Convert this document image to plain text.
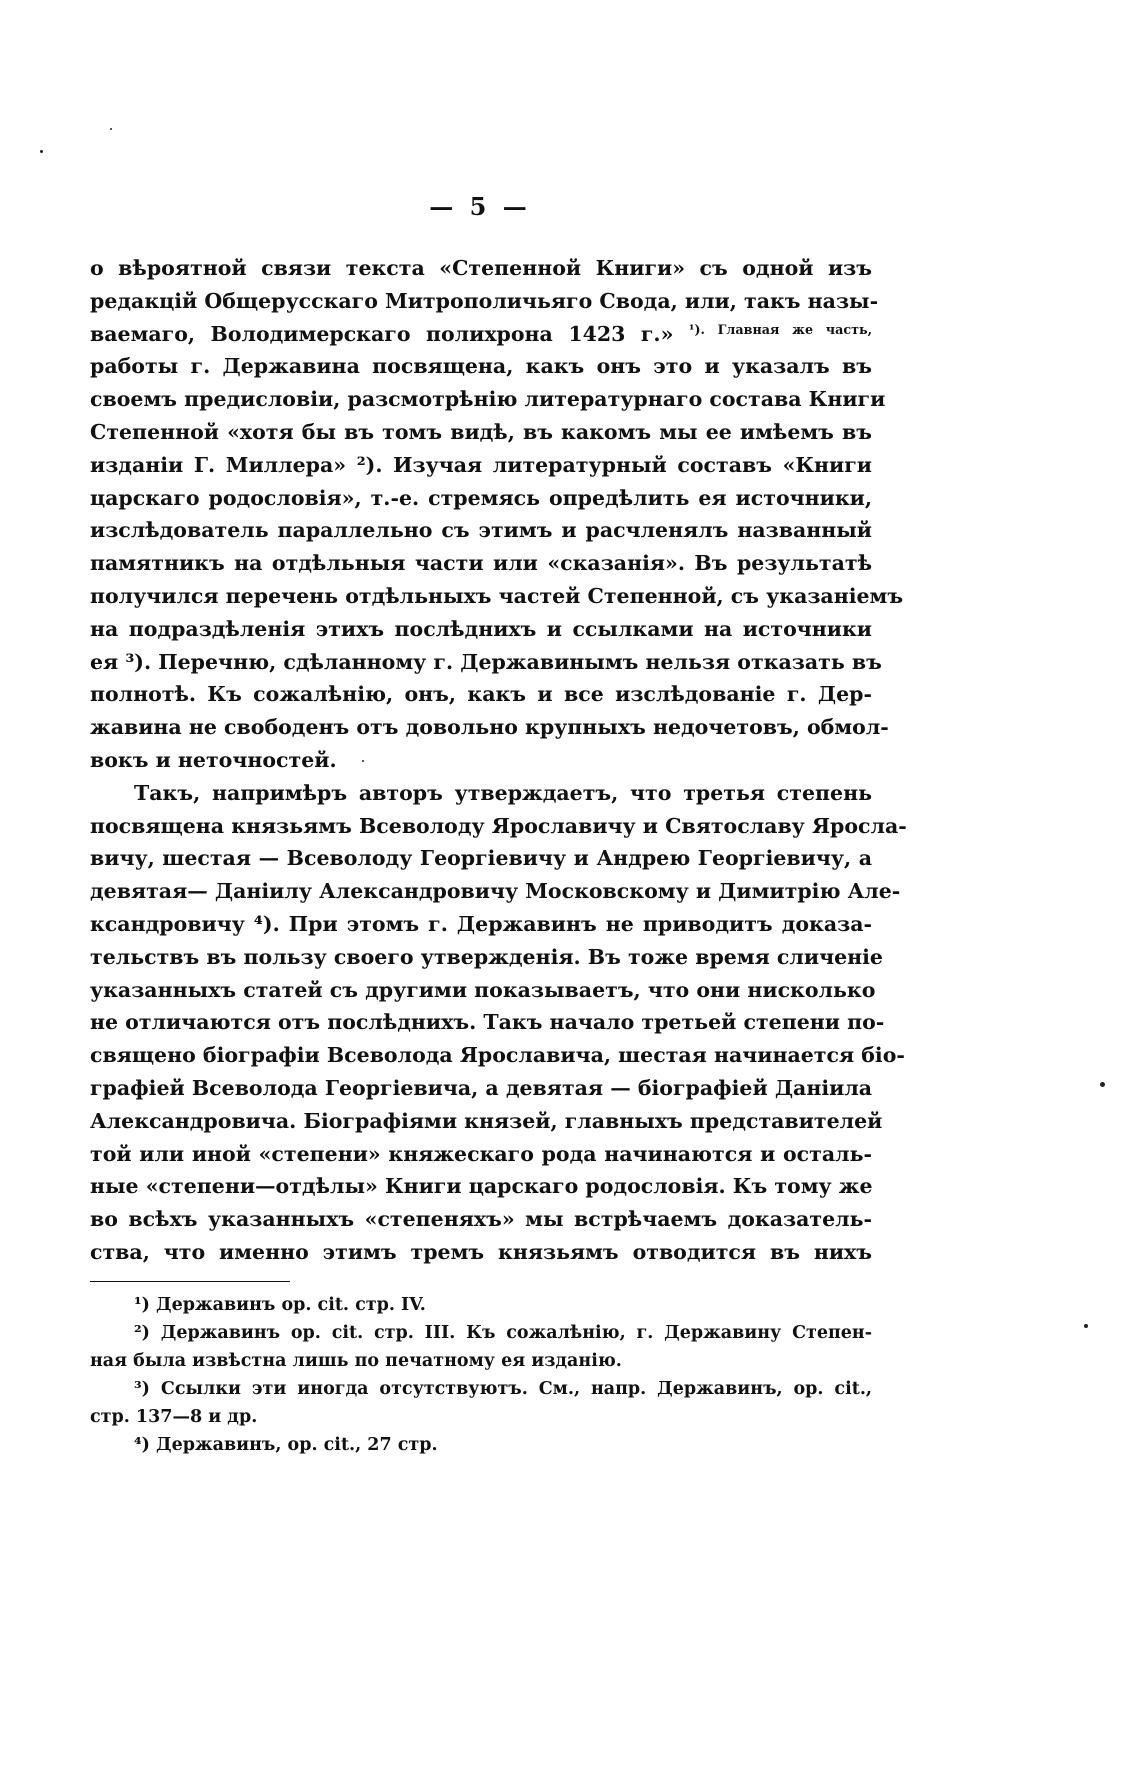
— 5 —

о вѣроятной связи текста «Степенной Книги» съ одной изъ
редакцій Общерусскаго Митрополичьяго Свода, или, такъ назы-
ваемаго, Володимерскаго полихрона 1423 г.» $^{^1). Главная же часть,}$
работы г. Державина посвящена, какъ онъ это и указалъ въ
своемъ предисловіи, разсмотрѣнію литературнаго состава Книги
Степенной «хотя бы въ томъ видѣ, въ какомъ мы ее имѣемъ въ
изданіи Г. Миллера» ²). Изучая литературный составъ «Книги
царскаго родословія», т.-е. стремясь опредѣлить ея источники,
изслѣдователь параллельно съ этимъ и расчленялъ названный
памятникъ на отдѣльныя части или «сказанія». Въ результатѣ
получился перечень отдѣльныхъ частей Степенной, съ указаніемъ
на подраздѣленія этихъ послѣднихъ и ссылками на источники
ея ³). Перечню, сдѣланному г. Державинымъ нельзя отказать въ
полнотѣ. Къ сожалѣнію, онъ, какъ и все изслѣдованіе г. Дер-
жавина не свободенъ отъ довольно крупныхъ недочетовъ, обмол-
вокъ и неточностей.

Такъ, напримѣръ авторъ утверждаетъ, что третья степень
посвящена князьямъ Всеволоду Ярославичу и Святославу Яросла-
вичу, шестая — Всеволоду Георгіевичу и Андрею Георгіевичу, а
девятая— Даніилу Александровичу Московскому и Димитрію Але-
ксандровичу ⁴). При этомъ г. Державинъ не приводитъ доказа-
тельствъ въ пользу своего утвержденія. Въ тоже время сличеніе
указанныхъ статей съ другими показываетъ, что они нисколько
не отличаются отъ послѣднихъ. Такъ начало третьей степени по-
священо біографіи Всеволода Ярославича, шестая начинается біо-
графіей Всеволода Георгіевича, а девятая — біографіей Даніила
Александровича. Біографіями князей, главныхъ представителей
той или иной «степени» княжескаго рода начинаются и осталь-
ные «степени—отдѣлы» Книги царскаго родословія. Къ тому же
во всѣхъ указанныхъ «степеняхъ» мы встрѣчаемъ доказатель-
ства, что именно этимъ тремъ князьямъ отводится въ нихъ

¹) Державинъ ор. cit. стр. IV.
²) Державинъ ор. cit. стр. III. Къ сожалѣнію, г. Державину Степен-
ная была извѣстна лишь по печатному ея изданію.
³) Ссылки эти иногда отсутствуютъ. См., напр. Державинъ, ор. cit.,
стр. 137—8 и др.
⁴) Державинъ, ор. cit., 27 стр.
